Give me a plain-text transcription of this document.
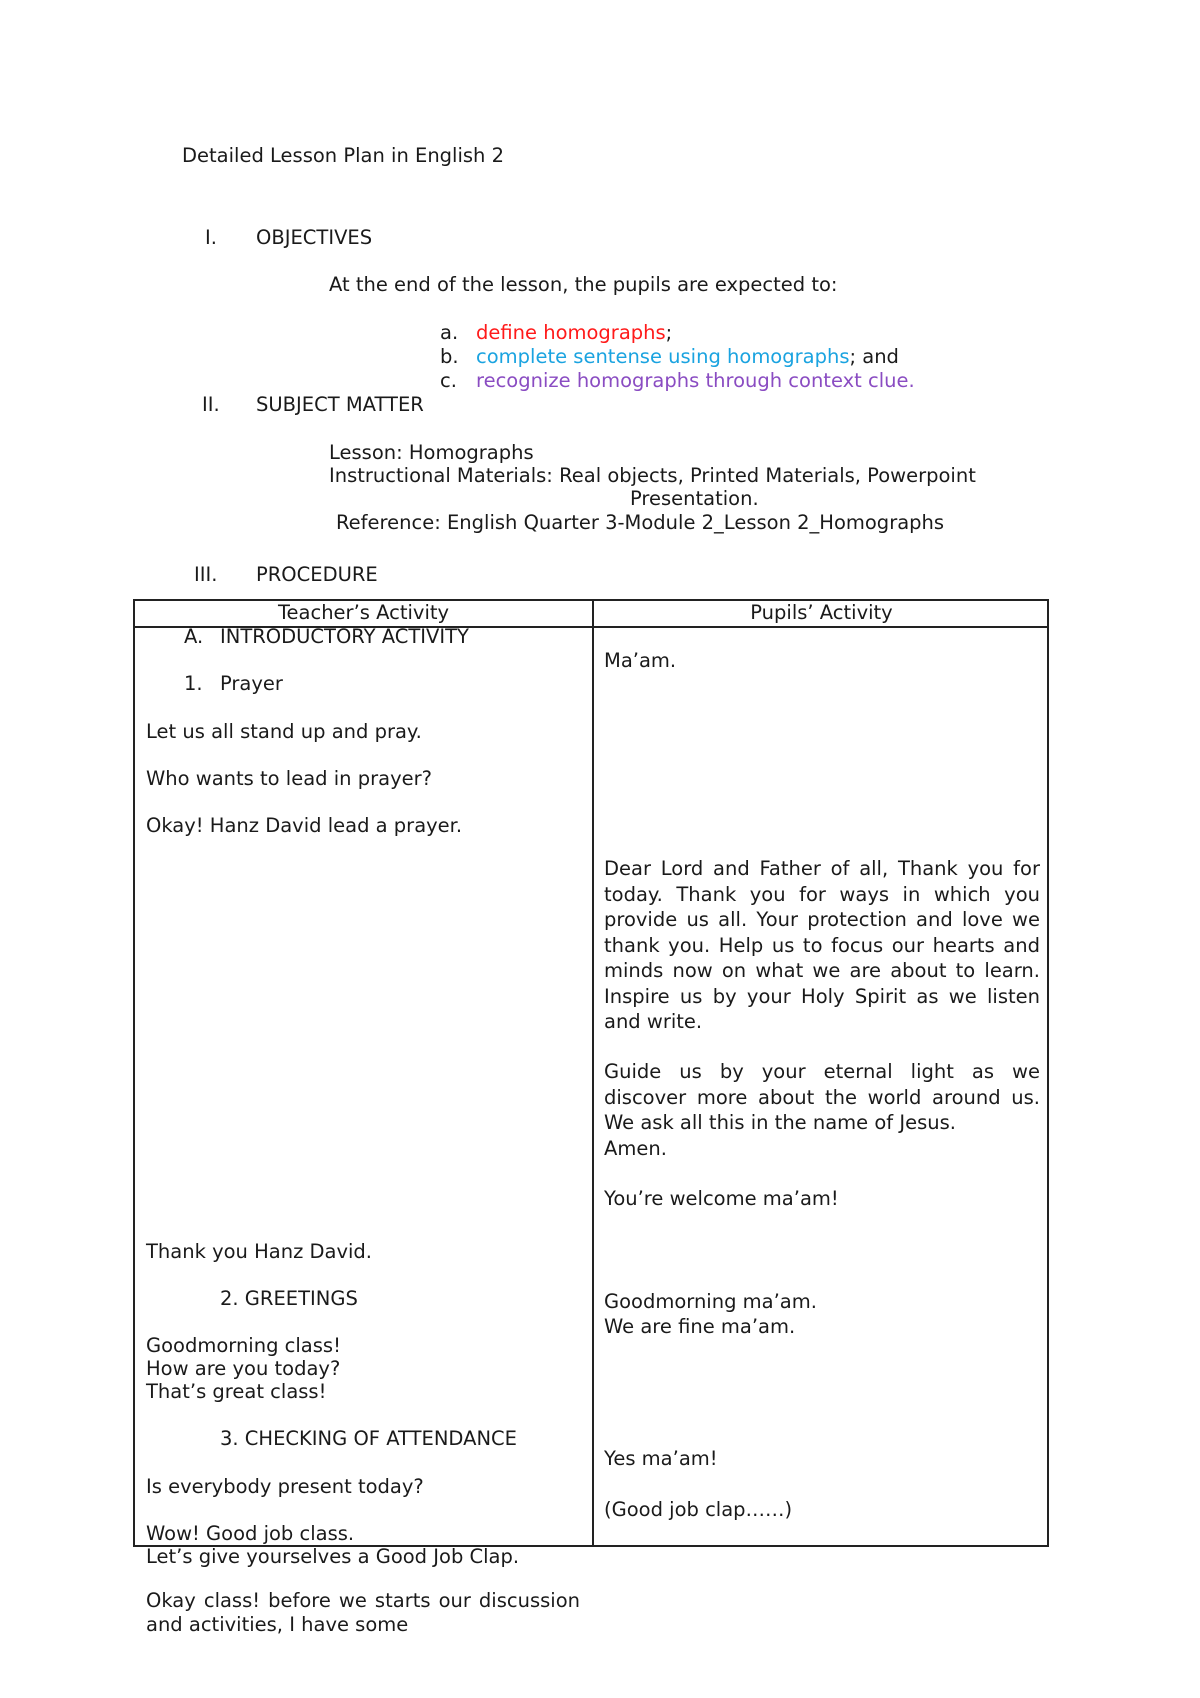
Detailed Lesson Plan in English 2
I. OBJECTIVES
At the end of the lesson, the pupils are expected to:
a. define homographs;
b. complete sentense using homographs; and
c. recognize homographs through context clue.
II. SUBJECT MATTER
Lesson: Homographs
Instructional Materials: Real objects, Printed Materials, Powerpoint
Presentation.
Reference: English Quarter 3-Module 2_Lesson 2_Homographs
III. PROCEDURE
Teacher’s Activity	Pupils’ Activity
A. INTRODUCTORY ACTIVITY
1. Prayer
Let us all stand up and pray.
Who wants to lead in prayer?
Okay! Hanz David lead a prayer.
Thank you Hanz David.
2. GREETINGS
Goodmorning class!
How are you today?
That’s great class!
3. CHECKING OF ATTENDANCE
Is everybody present today?
Wow! Good job class.
Let’s give yourselves a Good Job Clap.
Okay class! before we starts our discussion and activities, I have some
Ma’am.
Dear Lord and Father of all, Thank you for today. Thank you for ways in which you provide us all. Your protection and love we thank you. Help us to focus our hearts and minds now on what we are about to learn. Inspire us by your Holy Spirit as we listen and write.
Guide us by your eternal light as we discover more about the world around us. We ask all this in the name of Jesus.
Amen.
You’re welcome ma’am!
Goodmorning ma’am.
We are fine ma’am.
Yes ma’am!
(Good job clap……)
